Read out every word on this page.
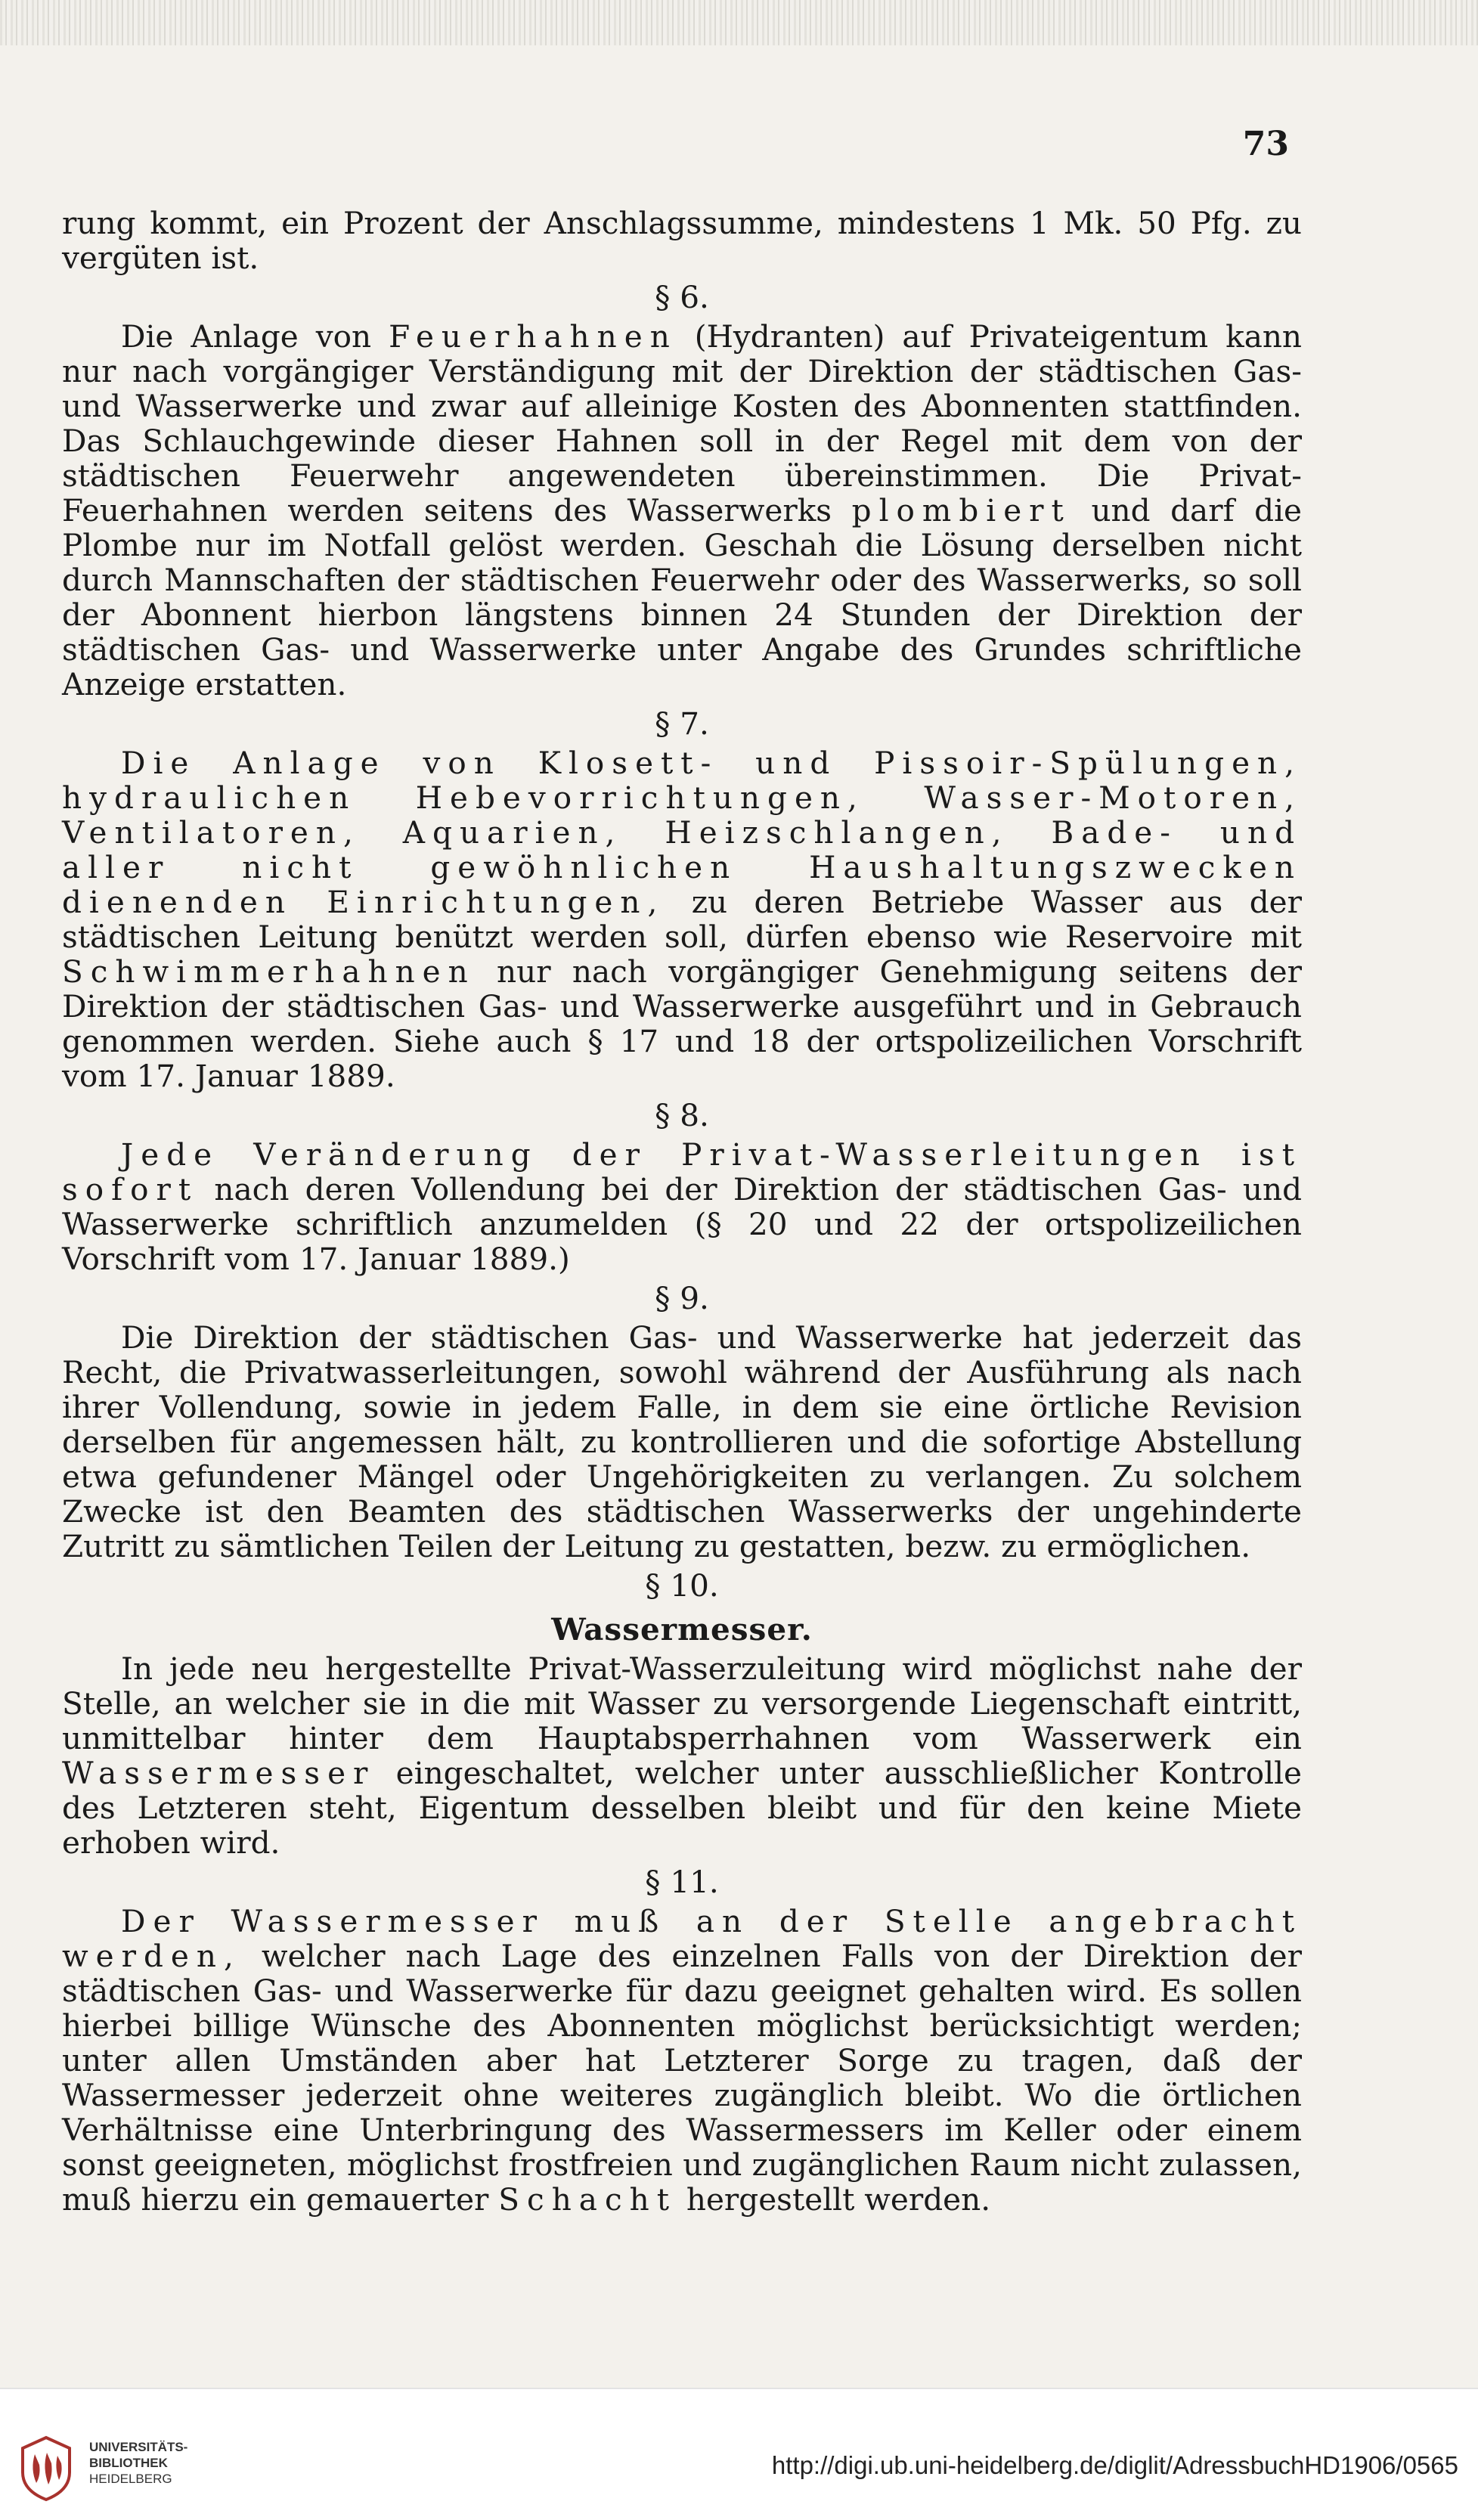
73

rung kommt, ein Prozent der Anschlagssumme, mindestens 1 Mk. 50 Pfg. zu vergüten ist.

§ 6.

Die Anlage von Feuerhahnen (Hydranten) auf Privateigentum kann nur nach vorgängiger Verständigung mit der Direktion der städtischen Gas- und Wasserwerke und zwar auf alleinige Kosten des Abonnenten stattfinden. Das Schlauchgewinde dieser Hahnen soll in der Regel mit dem von der städtischen Feuerwehr angewendeten übereinstimmen. Die Privat-Feuerhahnen werden seitens des Wasserwerks plombiert und darf die Plombe nur im Notfall gelöst werden. Geschah die Lösung derselben nicht durch Mannschaften der städtischen Feuerwehr oder des Wasserwerks, so soll der Abonnent hierbon längstens binnen 24 Stunden der Direktion der städtischen Gas- und Wasserwerke unter Angabe des Grundes schriftliche Anzeige erstatten.

§ 7.

Die Anlage von Klosett- und Pissoir-Spülungen, hydraulichen Hebevorrichtungen, Wasser-Motoren, Ventilatoren, Aquarien, Heizschlangen, Bade- und aller nicht gewöhnlichen Haushaltungszwecken dienenden Einrichtungen, zu deren Betriebe Wasser aus der städtischen Leitung benützt werden soll, dürfen ebenso wie Reservoire mit Schwimmerhahnen nur nach vorgängiger Genehmigung seitens der Direktion der städtischen Gas- und Wasserwerke ausgeführt und in Gebrauch genommen werden. Siehe auch § 17 und 18 der ortspolizeilichen Vorschrift vom 17. Januar 1889.

§ 8.

Jede Veränderung der Privat-Wasserleitungen ist sofort nach deren Vollendung bei der Direktion der städtischen Gas- und Wasserwerke schriftlich anzumelden (§ 20 und 22 der ortspolizeilichen Vorschrift vom 17. Januar 1889.)

§ 9.

Die Direktion der städtischen Gas- und Wasserwerke hat jederzeit das Recht, die Privatwasserleitungen, sowohl während der Ausführung als nach ihrer Vollendung, sowie in jedem Falle, in dem sie eine örtliche Revision derselben für angemessen hält, zu kontrollieren und die sofortige Abstellung etwa gefundener Mängel oder Ungehörigkeiten zu verlangen. Zu solchem Zwecke ist den Beamten des städtischen Wasserwerks der ungehinderte Zutritt zu sämtlichen Teilen der Leitung zu gestatten, bezw. zu ermöglichen.

§ 10.

Wassermesser.

In jede neu hergestellte Privat-Wasserzuleitung wird möglichst nahe der Stelle, an welcher sie in die mit Wasser zu versorgende Liegenschaft eintritt, unmittelbar hinter dem Hauptabsperrhahnen vom Wasserwerk ein Wassermesser eingeschaltet, welcher unter ausschließlicher Kontrolle des Letzteren steht, Eigentum desselben bleibt und für den keine Miete erhoben wird.

§ 11.

Der Wassermesser muß an der Stelle angebracht werden, welcher nach Lage des einzelnen Falls von der Direktion der städtischen Gas- und Wasserwerke für dazu geeignet gehalten wird. Es sollen hierbei billige Wünsche des Abonnenten möglichst berücksichtigt werden; unter allen Umständen aber hat Letzterer Sorge zu tragen, daß der Wassermesser jederzeit ohne weiteres zugänglich bleibt. Wo die örtlichen Verhältnisse eine Unterbringung des Wassermessers im Keller oder einem sonst geeigneten, möglichst frostfreien und zugänglichen Raum nicht zulassen, muß hierzu ein gemauerter Schacht hergestellt werden.

UNIVERSITÄTS-
BIBLIOTHEK
HEIDELBERG	http://digi.ub.uni-heidelberg.de/diglit/AdressbuchHD1906/0565
